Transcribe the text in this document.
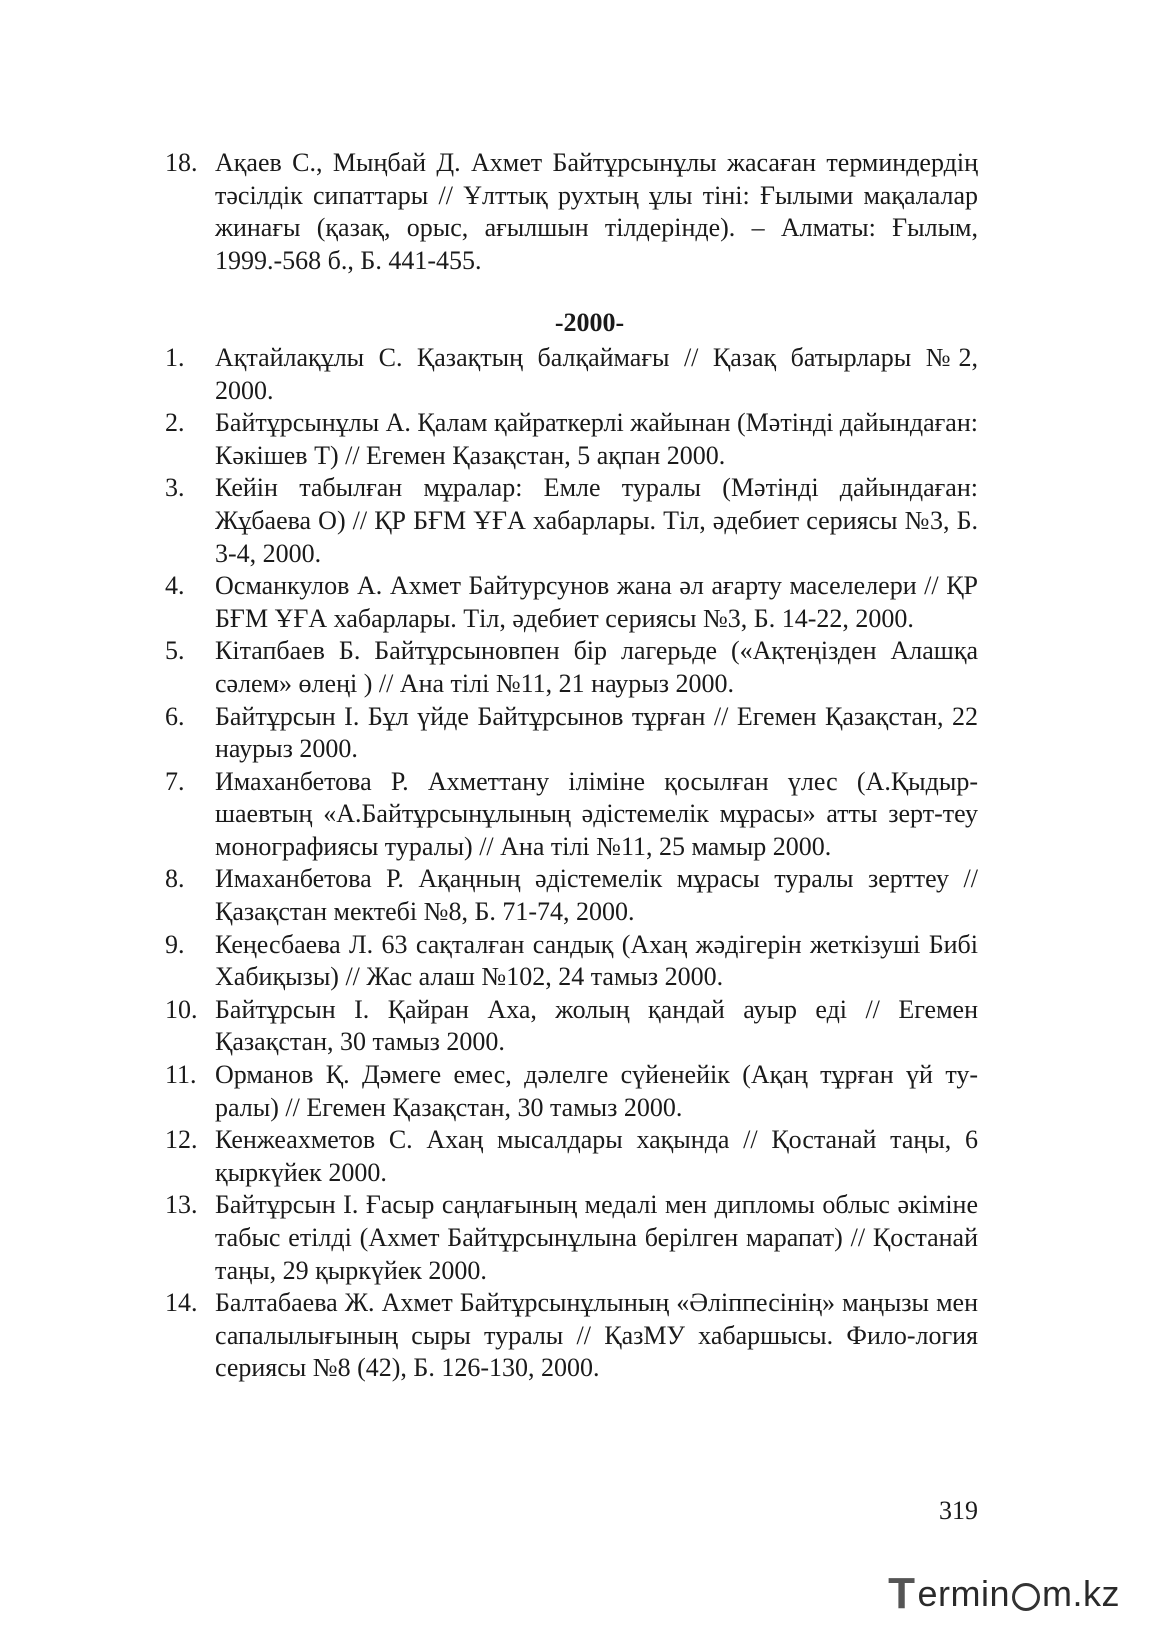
18. Ақаев С., Мыңбай Д. Ахмет Байтұрсынұлы жасаған терминдердің тәсілдік сипаттары // Ұлттық рухтың ұлы тіні: Ғылыми мақалалар жинағы (қазақ, орыс, ағылшын тілдерінде). – Алматы: Ғылым, 1999.-568 б., Б. 441-455.
-2000-
1.	Ақтайлақұлы С. Қазақтың балқаймағы // Қазақ батырлары №2, 2000.
2.	Байтұрсынұлы А. Қалам қайраткерлі жайынан (Мәтінді дайындаған: Кәкішев Т) // Егемен Қазақстан, 5 ақпан 2000.
3.	Кейін табылған мұралар: Емле туралы (Мәтінді дайындаған: Жұбаева О) // ҚР БҒМ ҰҒА хабарлары. Тіл, әдебиет сериясы №3, Б. 3-4, 2000.
4.	Османкулов А. Ахмет Байтурсунов жана әл ағарту маселелери // ҚР БҒМ ҰҒА хабарлары. Тіл, әдебиет сериясы №3, Б. 14-22, 2000.
5.	Кітапбаев Б. Байтұрсыновпен бір лагерьде («Ақтеңізден Алашқа сәлем» өлеңі ) // Ана тілі №11, 21 наурыз 2000.
6.	Байтұрсын І. Бұл үйде Байтұрсынов тұрған // Егемен Қазақстан, 22 наурыз 2000.
7.	Имаханбетова Р. Ахметтану іліміне қосылған үлес (А.Қыдыр-шаевтың «А.Байтұрсынұлының әдістемелік мұрасы» атты зерт-теу монографиясы туралы) // Ана тілі №11, 25 мамыр 2000.
8.	Имаханбетова Р. Ақаңның әдістемелік мұрасы туралы зерттеу // Қазақстан мектебі №8, Б. 71-74, 2000.
9.	Кеңесбаева Л. 63 сақталған сандық (Ахаң жәдігерін жеткізуші Бибі Хабиқызы) // Жас алаш №102, 24 тамыз 2000.
10. Байтұрсын І. Қайран Аха, жолың қандай ауыр еді // Егемен Қазақстан, 30 тамыз 2000.
11. Орманов Қ. Дәмеге емес, дәлелге сүйенейік (Ақаң тұрған үй ту-ралы) // Егемен Қазақстан, 30 тамыз 2000.
12. Кенжеахметов С. Ахаң мысалдары хақында // Қостанай таңы, 6 қыркүйек 2000.
13. Байтұрсын І. Ғасыр саңлағының медалі мен дипломы облыс әкіміне табыс етілді (Ахмет Байтұрсынұлына берілген марапат) // Қостанай таңы, 29 қыркүйек 2000.
14. Балтабаева Ж. Ахмет Байтұрсынұлының «Әліппесінің» маңызы мен сапалылығының сыры туралы // ҚазМУ хабаршысы. Фило-логия сериясы №8 (42), Б. 126-130, 2000.
319
T ermin m.kz
